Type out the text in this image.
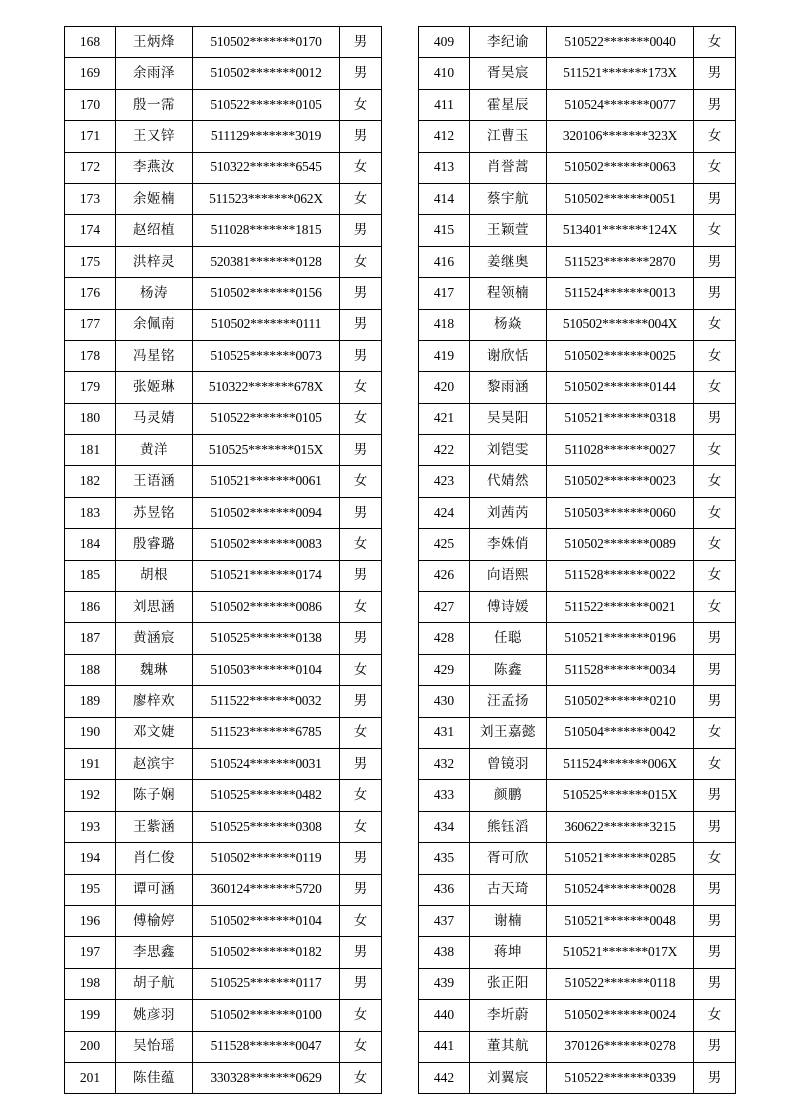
168	王炳烽	510502*******0170	男
169	余雨泽	510502*******0012	男
170	殷一霈	510522*******0105	女
171	王又锌	511129*******3019	男
172	李燕汝	510322*******6545	女
173	余姬楠	511523*******062X	女
174	赵绍植	511028*******1815	男
175	洪梓灵	520381*******0128	女
176	杨涛	510502*******0156	男
177	余佩南	510502*******0111	男
178	冯星铭	510525*******0073	男
179	张姬琳	510322*******678X	女
180	马灵婧	510522*******0105	女
181	黄洋	510525*******015X	男
182	王语涵	510521*******0061	女
183	苏昱铭	510502*******0094	男
184	殷睿璐	510502*******0083	女
185	胡根	510521*******0174	男
186	刘思涵	510502*******0086	女
187	黄涵宸	510525*******0138	男
188	魏琳	510503*******0104	女
189	廖梓欢	511522*******0032	男
190	邓文婕	511523*******6785	女
191	赵滨宇	510524*******0031	男
192	陈子娴	510525*******0482	女
193	王紫涵	510525*******0308	女
194	肖仁俊	510502*******0119	男
195	谭可涵	360124*******5720	男
196	傅榆婷	510502*******0104	女
197	李思鑫	510502*******0182	男
198	胡子航	510525*******0117	男
199	姚彦羽	510502*******0100	女
200	吴怡瑶	511528*******0047	女
201	陈佳蕴	330328*******0629	女
409	李纪谕	510522*******0040	女
410	胥昊宸	511521*******173X	男
411	霍星辰	510524*******0077	男
412	江曹玉	320106*******323X	女
413	肖誉蒿	510502*******0063	女
414	蔡宇航	510502*******0051	男
415	王颖萱	513401*******124X	女
416	姜继奥	511523*******2870	男
417	程领楠	511524*******0013	男
418	杨焱	510502*******004X	女
419	谢欣恬	510502*******0025	女
420	黎雨涵	510502*******0144	女
421	吴昊阳	510521*******0318	男
422	刘铠雯	511028*******0027	女
423	代婧然	510502*******0023	女
424	刘茜芮	510503*******0060	女
425	李姝俏	510502*******0089	女
426	向语熙	511528*******0022	女
427	傅诗媛	511522*******0021	女
428	任聪	510521*******0196	男
429	陈鑫	511528*******0034	男
430	汪孟扬	510502*******0210	男
431	刘王嘉懿	510504*******0042	女
432	曾镜羽	511524*******006X	女
433	颜鹏	510525*******015X	男
434	熊钰滔	360622*******3215	男
435	胥可欣	510521*******0285	女
436	古天琦	510524*******0028	男
437	谢楠	510521*******0048	男
438	蒋坤	510521*******017X	男
439	张正阳	510522*******0118	男
440	李圻蔚	510502*******0024	女
441	董其航	370126*******0278	男
442	刘翼宸	510522*******0339	男
